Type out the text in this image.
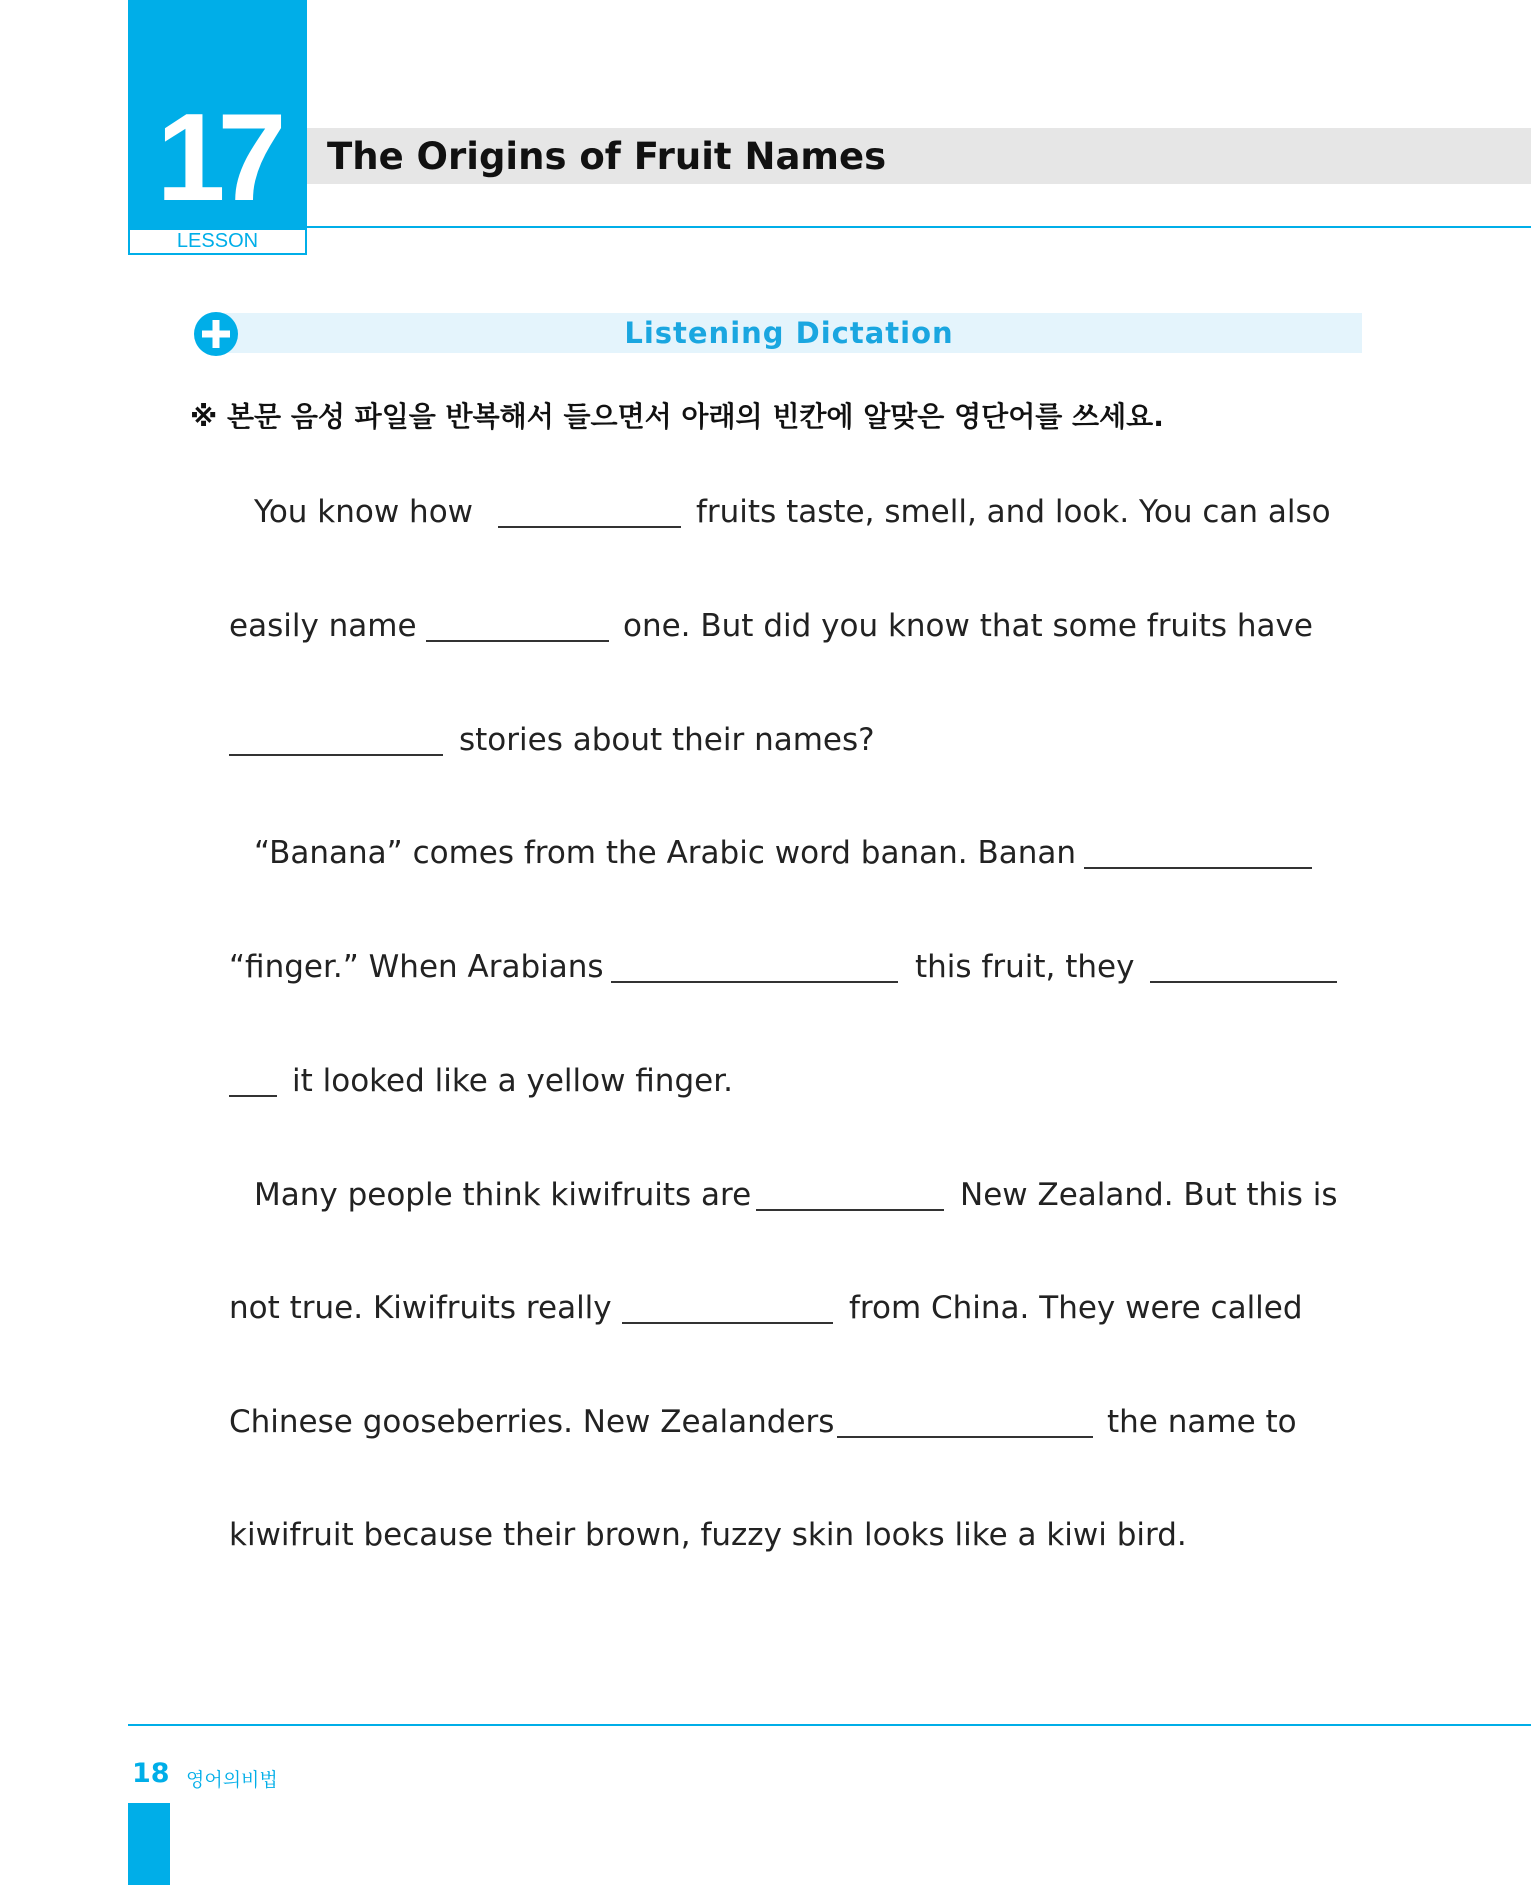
17
LESSON
The Origins of Fruit Names
Listening Dictation
※ 본문 음성 파일을 반복해서 들으면서 아래의 빈칸에 알맞은 영단어를 쓰세요.
You know how	fruits taste, smell, and look. You can also
easily name	one. But did you know that some fruits have
stories about their names?
“Banana” comes from the Arabic word banan. Banan
“finger.” When Arabians	this fruit, they
it looked like a yellow finger.
Many people think kiwifruits are	New Zealand. But this is
not true. Kiwifruits really	from China. They were called
Chinese gooseberries. New Zealanders	the name to
kiwifruit because their brown, fuzzy skin looks like a kiwi bird.
18 영어의비법
